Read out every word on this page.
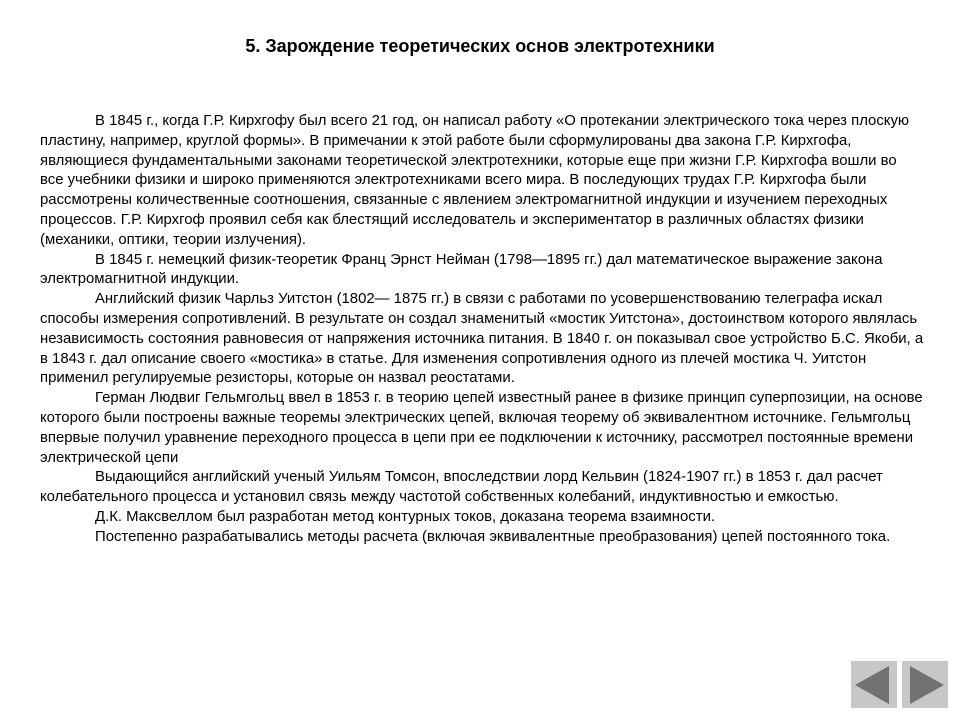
5. Зарождение теоретических основ электротехники

В 1845 г., когда Г.Р. Кирхгофу был всего 21 год, он написал работу «О протекании электрического тока через плоскую пластину, например, круглой формы». В примечании к этой работе были сформулированы два закона Г.Р. Кирхгофа, являющиеся фундаментальными законами теоретической электротехники, которые еще при жизни Г.Р. Кирхгофа вошли во все учебники физики и широко применяются электротехниками всего мира. В последующих трудах Г.Р. Кирхгофа были рассмотрены количественные соотношения, связанные с явлением электромагнитной индукции и изучением переходных процессов. Г.Р. Кирхгоф проявил себя как блестящий исследователь и экспериментатор в различных областях физики (механики, оптики, теории излучения).

В 1845 г. немецкий физик-теоретик Франц Эрнст Нейман (1798—1895 гг.) дал математическое выражение закона электромагнитной индукции.

Английский физик Чарльз Уитстон (1802— 1875 гг.) в связи с работами по усовершенствованию телеграфа искал способы измерения сопротивлений. В результате он создал знаменитый «мостик Уитстона», достоинством которого являлась независимость состояния равновесия от напряжения источника питания. В 1840 г. он показывал свое устройство Б.С. Якоби, а в 1843 г. дал описание своего «мостика» в статье. Для изменения сопротивления одного из плечей мостика Ч. Уитстон применил регулируемые резисторы, которые он назвал реостатами.

Герман Людвиг Гельмгольц ввел в 1853 г. в теорию цепей известный ранее в физике принцип суперпозиции, на основе которого были построены важные теоремы электрических цепей, включая теорему об эквивалентном источнике. Гельмгольц впервые получил уравнение переходного процесса в цепи при ее подключении к источнику, рассмотрел постоянные времени электрической цепи

Выдающийся английский ученый Уильям Томсон, впоследствии лорд Кельвин (1824-1907 гг.) в 1853 г. дал расчет колебательного процесса и установил связь между частотой собственных колебаний, индуктивностью и емкостью.

Д.К. Максвеллом был разработан метод контурных токов, доказана теорема взаимности.

Постепенно разрабатывались методы расчета (включая эквивалентные преобразования) цепей постоянного тока.
